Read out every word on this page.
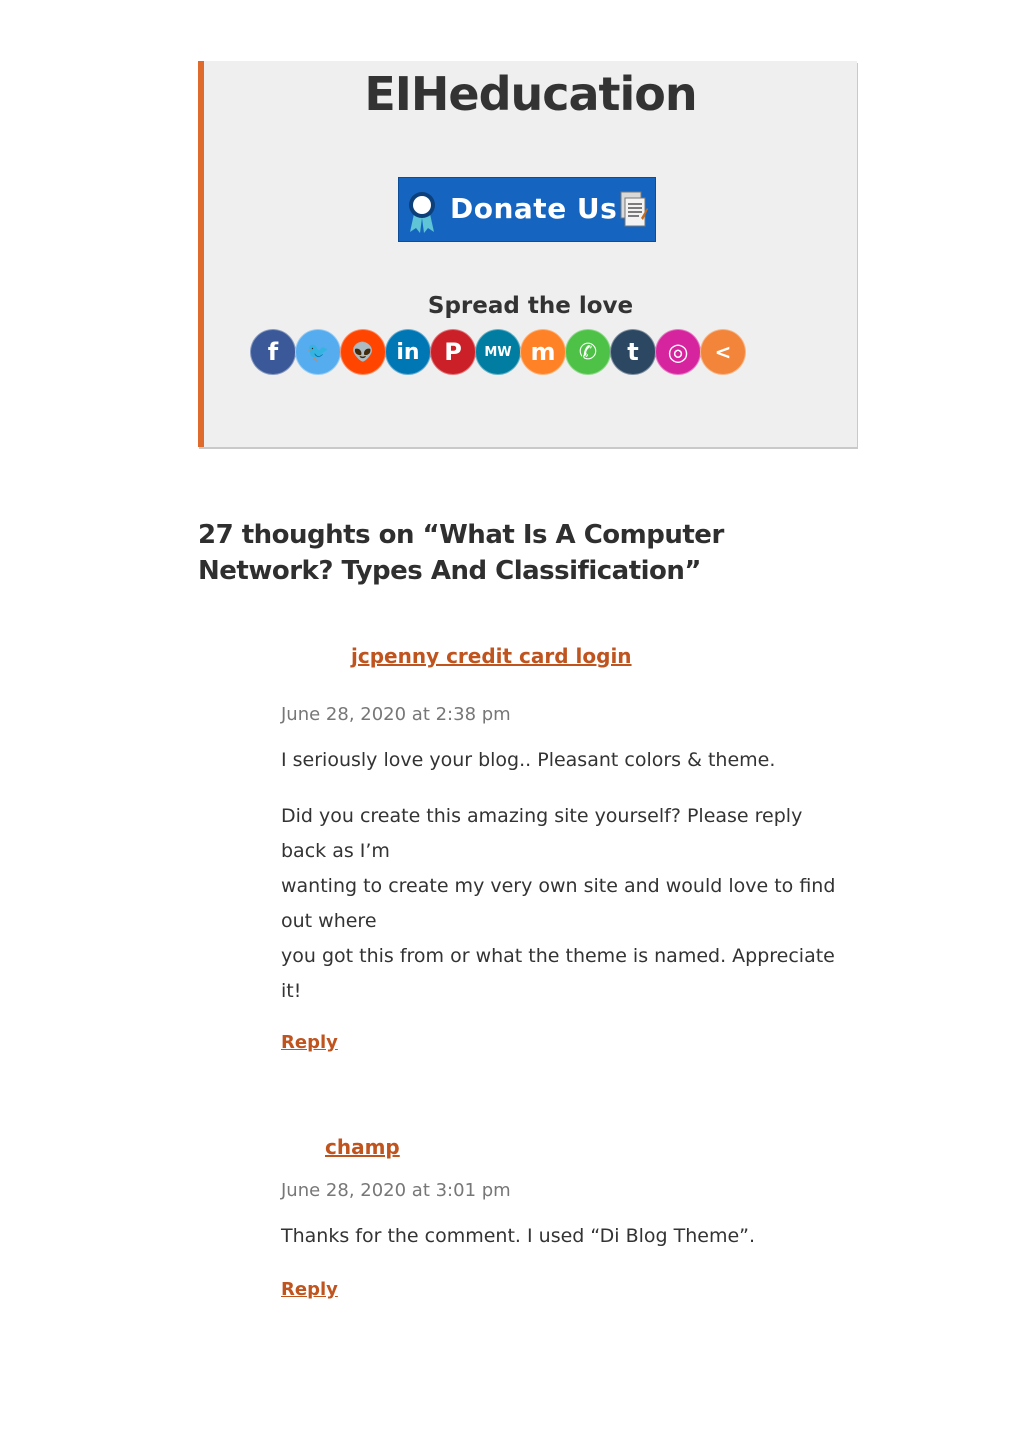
EIHeducation
Donate Us
Spread the love
f	🐦	👽	in	P	MW m	✆	t	◎	<
27 thoughts on “What Is A Computer Network? Types And Classification”
jcpenny credit card login
June 28, 2020 at 2:38 pm

I seriously love your blog.. Pleasant colors & theme.

Did you create this amazing site yourself? Please reply back as I’m

wanting to create my very own site and would love to find out where

you got this from or what the theme is named. Appreciate it!

Reply
champ
June 28, 2020 at 3:01 pm

Thanks for the comment. I used “Di Blog Theme”.

Reply
